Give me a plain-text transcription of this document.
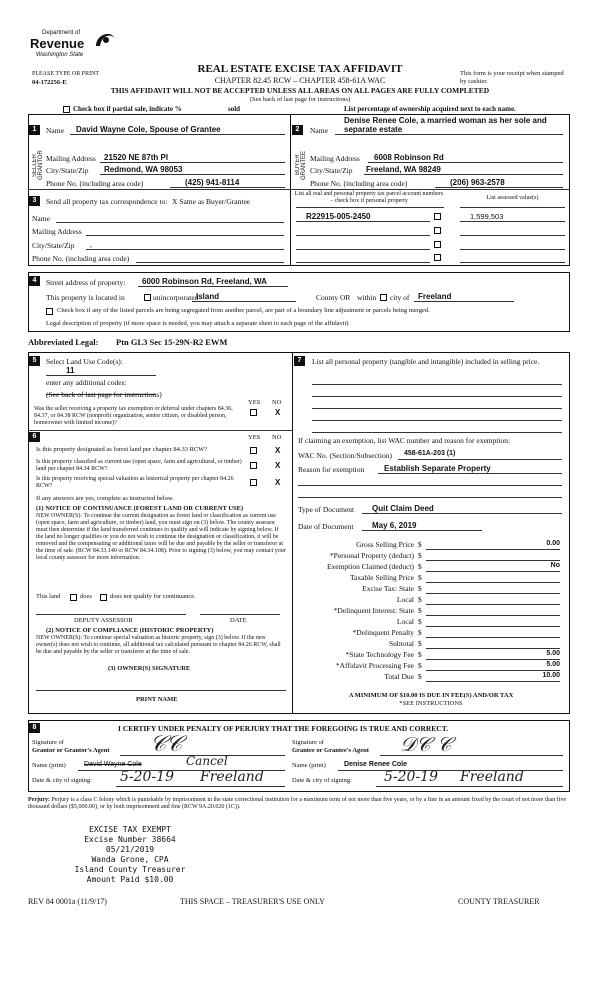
Department of
Revenue
Washington State
PLEASE TYPE OR PRINT
04-172256-E
REAL ESTATE EXCISE TAX AFFIDAVIT
CHAPTER 82.45 RCW – CHAPTER 458-61A WAC
THIS AFFIDAVIT WILL NOT BE ACCEPTED UNLESS ALL AREAS ON ALL PAGES ARE FULLY COMPLETED
(See back of last page for instructions)
This form is your receipt when stamped by cashier.
Check box if partial sale, indicate %	sold	List percentage of ownership acquired next to each name.
1	Name David Wayne Cole, Spouse of Grantee
SELLER GRANTOR Mailing Address 21520 NE 87th Pl
City/State/Zip Redmond, WA 98053
Phone No. (including area code)	(425) 941-8114
Denise Renee Cole, a married woman as her sole and
2	Name separate estate
BUYER GRANTEE Mailing Address 6008 Robinson Rd
City/State/Zip Freeland, WA 98249
Phone No. (including area code)	(206) 963-2578
3	Send all property tax correspondence to: X Same as Buyer/Grantee
Name
Mailing Address
City/State/Zip ,
Phone No. (including area code)
List all real and personal property tax parcel account numbers – check box if personal property	List assessed value(s)
R22915-005-2450	1,599,503
4	Street address of property: 6000 Robinson Rd, Freeland, WA
This property is located in	unincorporated
Island	County OR within city of Freeland
Check box if any of the listed parcels are being segregated from another parcel, are part of a boundary line adjustment or parcels being merged.
Legal description of property (if more space is needed, you may attach a separate sheet to each page of the affidavit)
Abbreviated Legal: Ptn GL3 Sec 15-29N-R2 EWM
5	Select Land Use Code(s):
11
enter any additional codes:
(See back of last page for instructions)
YES NO
Was the seller receiving a property tax exemption or deferral under chapters 84.36, 84.37, or 84.38 RCW (nonprofit organization, senior citizen, or disabled person, homeowner with limited income)?
X
6	YES NO
Is this property designated as forest land per chapter 84.33 RCW?	X
Is this property classified as current use (open space, farm and agricultural, or timber) land per chapter 84.34 RCW?	X
Is this property receiving special valuation as historical property per chapter 84.26 RCW?	X
If any answers are yes, complete as instructed below.
(1) NOTICE OF CONTINUANCE (FOREST LAND OR CURRENT USE)
NEW OWNER(S): To continue the current designation as forest land or classification as current use (open space, farm and agriculture, or timber) land, you must sign on (3) below. The county assessor must then determine if the land transferred continues to qualify and will indicate by signing below. If the land no longer qualifies or you do not wish to continue the designation or classification, it will be removed and the compensating or additional taxes will be due and payable by the seller or transferor at the time of sale. (RCW 84.33.140 or RCW 84.34.108). Prior to signing (3) below, you may contact your local county assessor for more information.
This land	does	does not qualify for continuance.
DEPUTY ASSESSOR	DATE
(2) NOTICE OF COMPLIANCE (HISTORIC PROPERTY)
NEW OWNER(S): To continue special valuation as historic property, sign (3) below. If the new owner(s) does not wish to continue, all additional tax calculated pursuant to chapter 84.26 RCW, shall be due and payable by the seller or transferor at the time of sale.
(3) OWNER(S) SIGNATURE
PRINT NAME
7	List all personal property (tangible and intangible) included in selling price.
If claiming an exemption, list WAC number and reason for exemption:
WAC No. (Section/Subsection) 458-61A-203 (1)
Reason for exemption Establish Separate Property
Type of Document Quit Claim Deed
Date of Document May 6, 2019
Gross Selling Price $	0.00
*Personal Property (deduct) $
Exemption Claimed (deduct) $	No
Taxable Selling Price $
Excise Tax: State $
Local $
*Delinquent Interest: State $
Local $
*Delinquent Penalty $
Subtotal $
*State Technology Fee $	5.00
*Affidavit Processing Fee $	5.00
Total Due $	10.00
A MINIMUM OF $10.00 IS DUE IN FEE(S) AND/OR TAX
*SEE INSTRUCTIONS
8	I CERTIFY UNDER PENALTY OF PERJURY THAT THE FOREGOING IS TRUE AND CORRECT.
Signature of
Grantor or Grantor's Agent 𝒞𝒞	Signature of
Grantee or Grantee's Agent 𝒟𝒞 𝒞
Name (print)	David Wayne Cole	Cancel	Name (print)	Denise Renee Cole
Date & city of signing: 5-20-19 Freeland	Date & city of signing: 5-20-19 Freeland
Perjury: Perjury is a class C felony which is punishable by imprisonment in the state correctional institution for a maximum term of not more than five years, or by a fine in an amount fixed by the court of not more than five thousand dollars ($5,000.00), or by both imprisonment and fine (RCW 9A.20.020 (1C)).
EXCISE TAX EXEMPT
Excise Number 38664
05/21/2019
Wanda Grone, CPA
Island County Treasurer
Amount Paid $10.00
REV 84 0001a (11/9/17)	THIS SPACE – TREASURER'S USE ONLY	COUNTY TREASURER
